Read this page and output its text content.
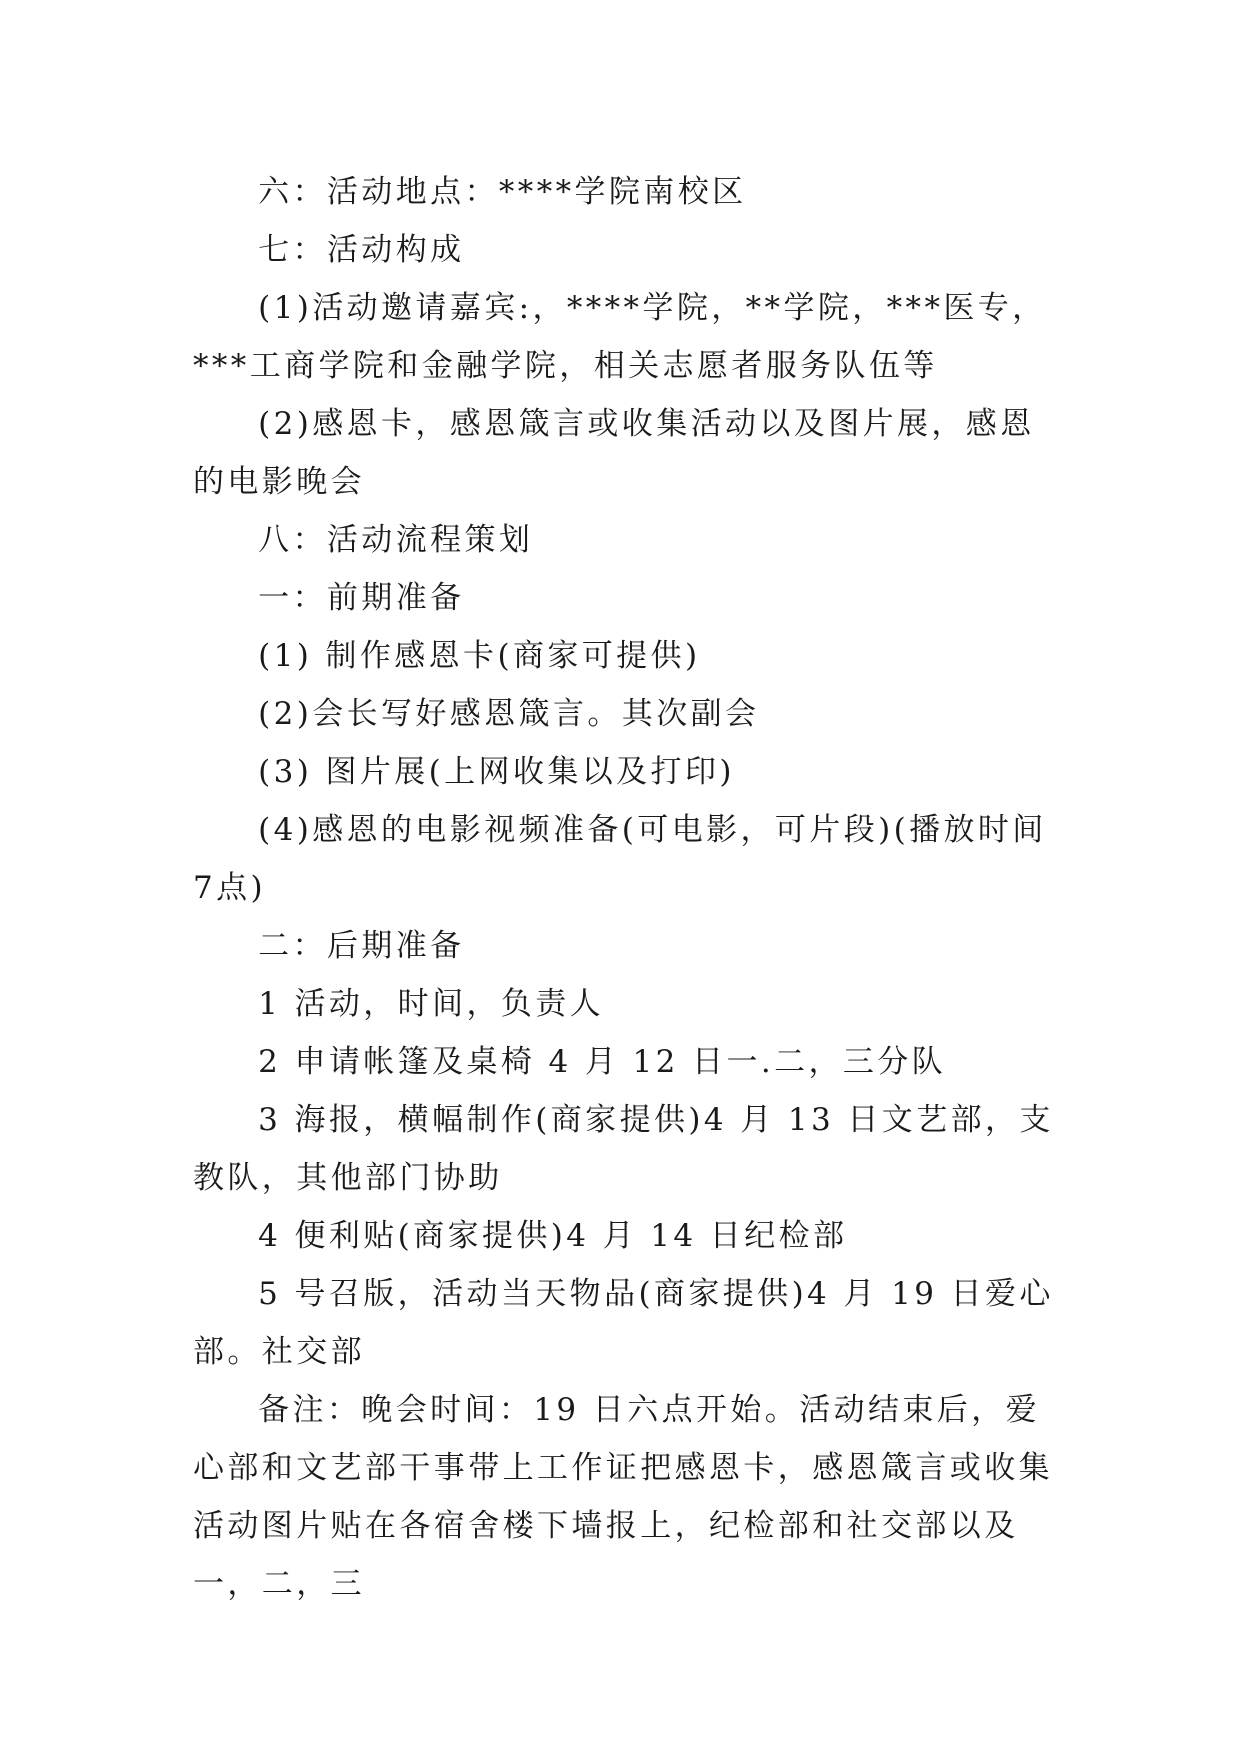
六：活动地点：****学院南校区

七：活动构成

(1)活动邀请嘉宾:，****学院，**学院，***医专，***工商学院和金融学院，相关志愿者服务队伍等

(2)感恩卡，感恩箴言或收集活动以及图片展，感恩的电影晚会

八：活动流程策划

一：前期准备

(1) 制作感恩卡(商家可提供)

(2)会长写好感恩箴言。其次副会

(3) 图片展(上网收集以及打印)

(4)感恩的电影视频准备(可电影，可片段)(播放时间 7点)

二：后期准备

1 活动，时间，负责人

2 申请帐篷及桌椅 4 月 12 日一.二，三分队

3 海报，横幅制作(商家提供)4 月 13 日文艺部，支教队，其他部门协助

4 便利贴(商家提供)4 月 14 日纪检部

5 号召版，活动当天物品(商家提供)4 月 19 日爱心部。社交部

备注：晚会时间：19 日六点开始。活动结束后，爱心部和文艺部干事带上工作证把感恩卡，感恩箴言或收集活动图片贴在各宿舍楼下墙报上，纪检部和社交部以及一，二，三
